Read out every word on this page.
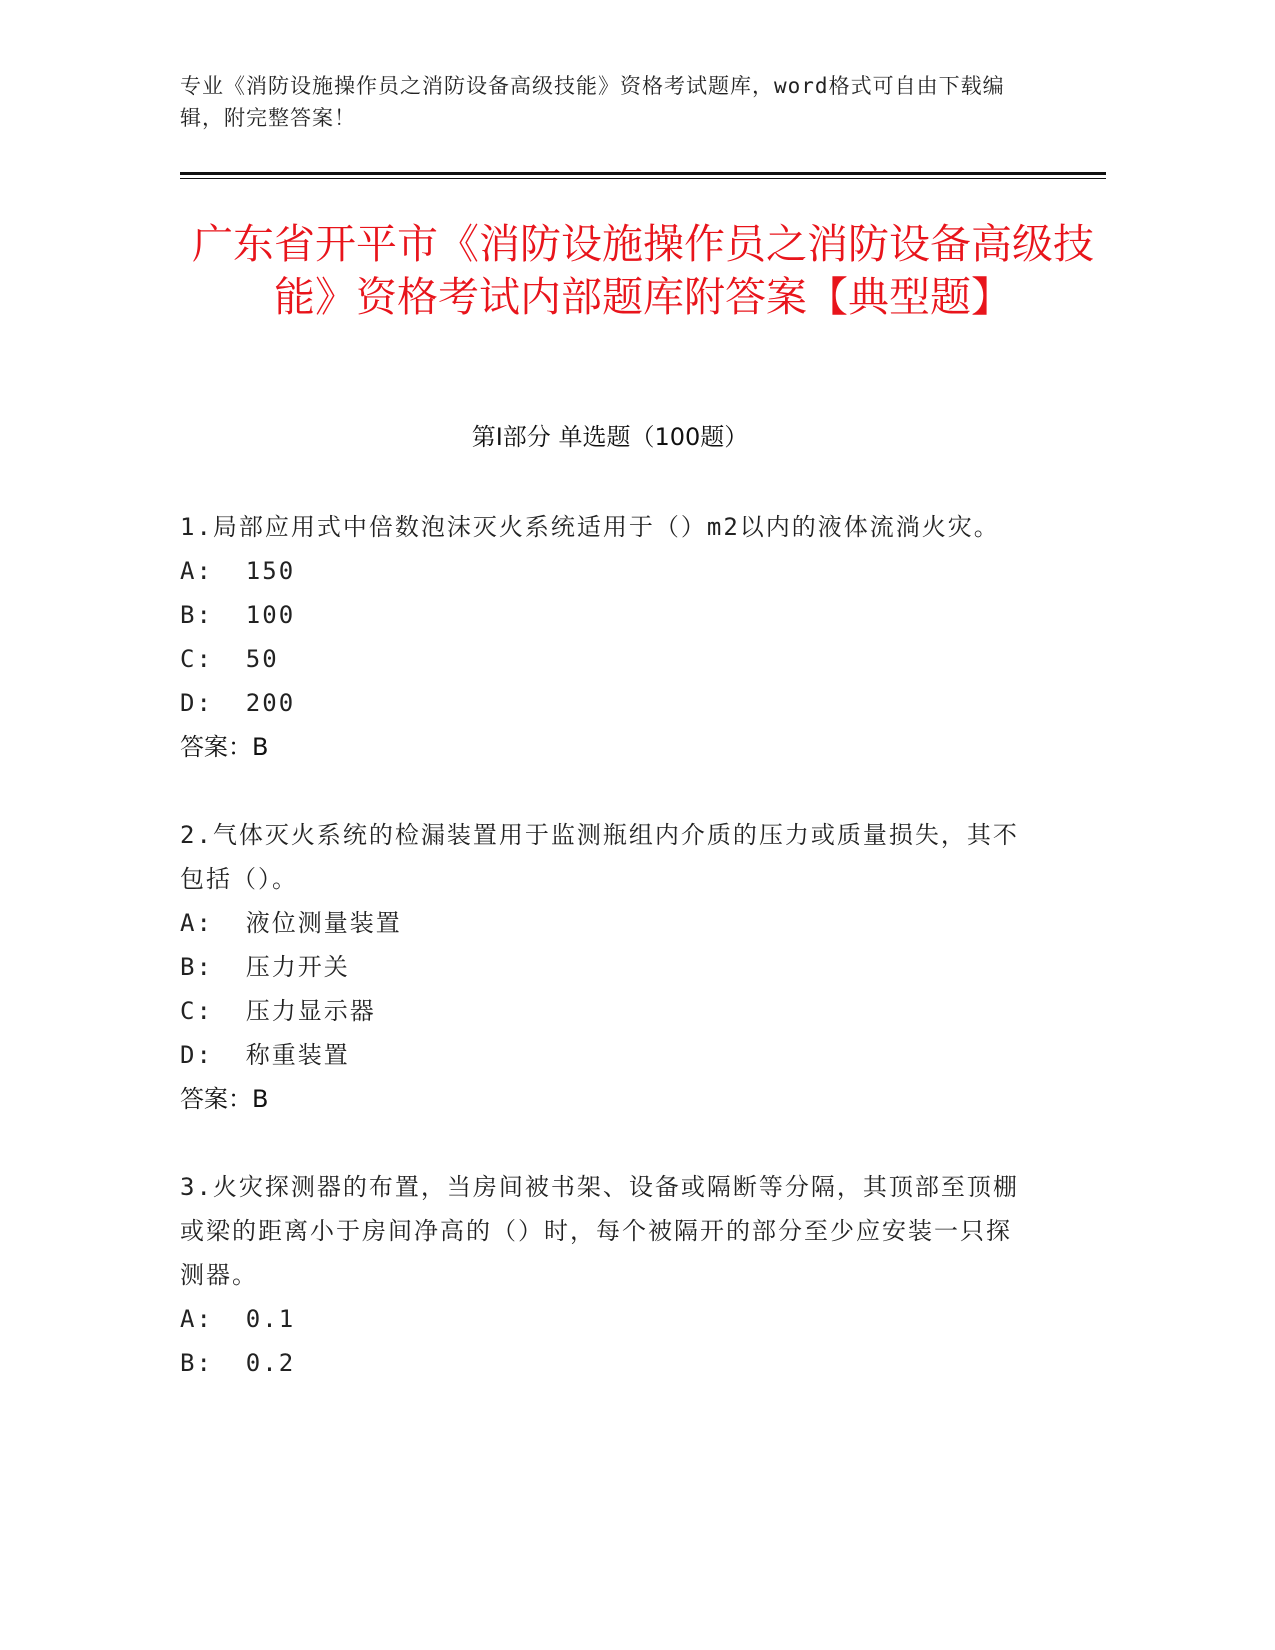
专业《消防设施操作员之消防设备高级技能》资格考试题库，word格式可自由下载编辑，附完整答案！
广东省开平市《消防设施操作员之消防设备高级技能》资格考试内部题库附答案【典型题】
第Ⅰ部分 单选题（100题）

1.局部应用式中倍数泡沫灭火系统适用于（）m2以内的液体流淌火灾。

A:  150

B:  100

C:  50

D:  200

答案：B

2.气体灭火系统的检漏装置用于监测瓶组内介质的压力或质量损失，其不包括（）。

A:  液位测量装置

B:  压力开关

C:  压力显示器

D:  称重装置

答案：B

3.火灾探测器的布置，当房间被书架、设备或隔断等分隔，其顶部至顶棚或梁的距离小于房间净高的（）时，每个被隔开的部分至少应安装一只探测器。

A:  0.1

B:  0.2
